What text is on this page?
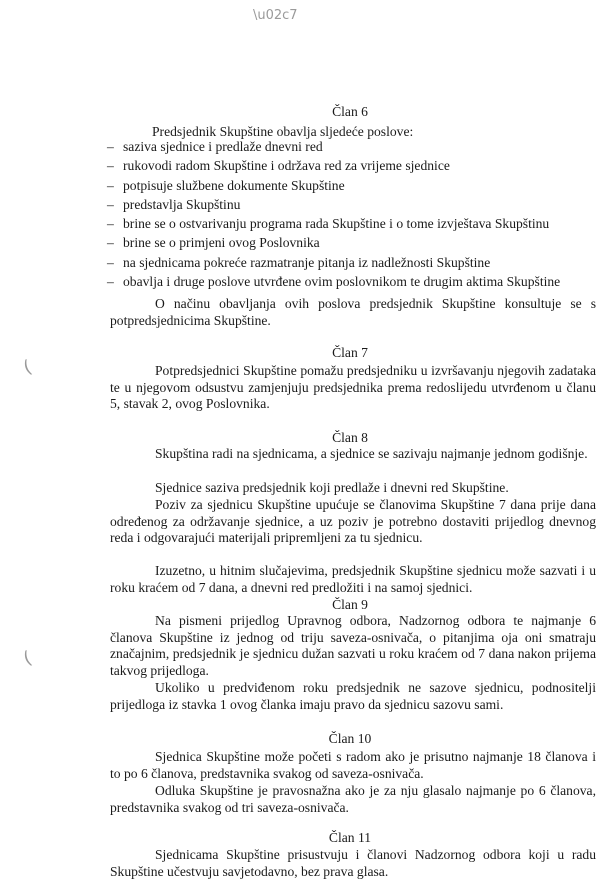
\u02c7
(
(
Član 6
Predsjednik Skupštine obavlja sljedeće poslove:
– saziva sjednice i predlaže dnevni red
– rukovodi radom Skupštine i održava red za vrijeme sjednice
– potpisuje službene dokumente Skupštine
– predstavlja Skupštinu
– brine se o ostvarivanju programa rada Skupštine i o tome izvještava Skupštinu
– brine se o primjeni ovog Poslovnika
– na sjednicama pokreće razmatranje pitanja iz nadležnosti Skupštine
– obavlja i druge poslove utvrđene ovim poslovnikom te drugim aktima Skupštine

O načinu obavljanja ovih poslova predsjednik Skupštine konsultuje se s potpredsjednicima Skupštine.

Član 7

Potpredsjednici Skupštine pomažu predsjedniku u izvršavanju njegovih zadataka te u njegovom odsustvu zamjenjuju predsjednika prema redoslijedu utvrđenom u članu 5, stavak 2, ovog Poslovnika.

Član 8

Skupština radi na sjednicama, a sjednice se sazivaju najmanje jednom godišnje.

Sjednice saziva predsjednik koji predlaže i dnevni red Skupštine.

Poziv za sjednicu Skupštine upućuje se članovima Skupštine 7 dana prije dana određenog za održavanje sjednice, a uz poziv je potrebno dostaviti prijedlog dnevnog reda i odgovarajući materijali pripremljeni za tu sjednicu.

Izuzetno, u hitnim slučajevima, predsjednik Skupštine sjednicu može sazvati i u roku kraćem od 7 dana, a dnevni red predložiti i na samoj sjednici.

Član 9

Na pismeni prijedlog Upravnog odbora, Nadzornog odbora te najmanje 6 članova Skupštine iz jednog od triju saveza-osnivača, o pitanjima oja oni smatraju značajnim, predsjednik je sjednicu dužan sazvati u roku kraćem od 7 dana nakon prijema takvog prijedloga.

Ukoliko u predviđenom roku predsjednik ne sazove sjednicu, podnositelji prijedloga iz stavka 1 ovog članka imaju pravo da sjednicu sazovu sami.

Član 10

Sjednica Skupštine može početi s radom ako je prisutno najmanje 18 članova i to po 6 članova, predstavnika svakog od saveza-osnivača.

Odluka Skupštine je pravosnažna ako je za nju glasalo najmanje po 6 članova, predstavnika svakog od tri saveza-osnivača.

Član 11

Sjednicama Skupštine prisustvuju i članovi Nadzornog odbora koji u radu Skupštine učestvuju savjetodavno, bez prava glasa.
